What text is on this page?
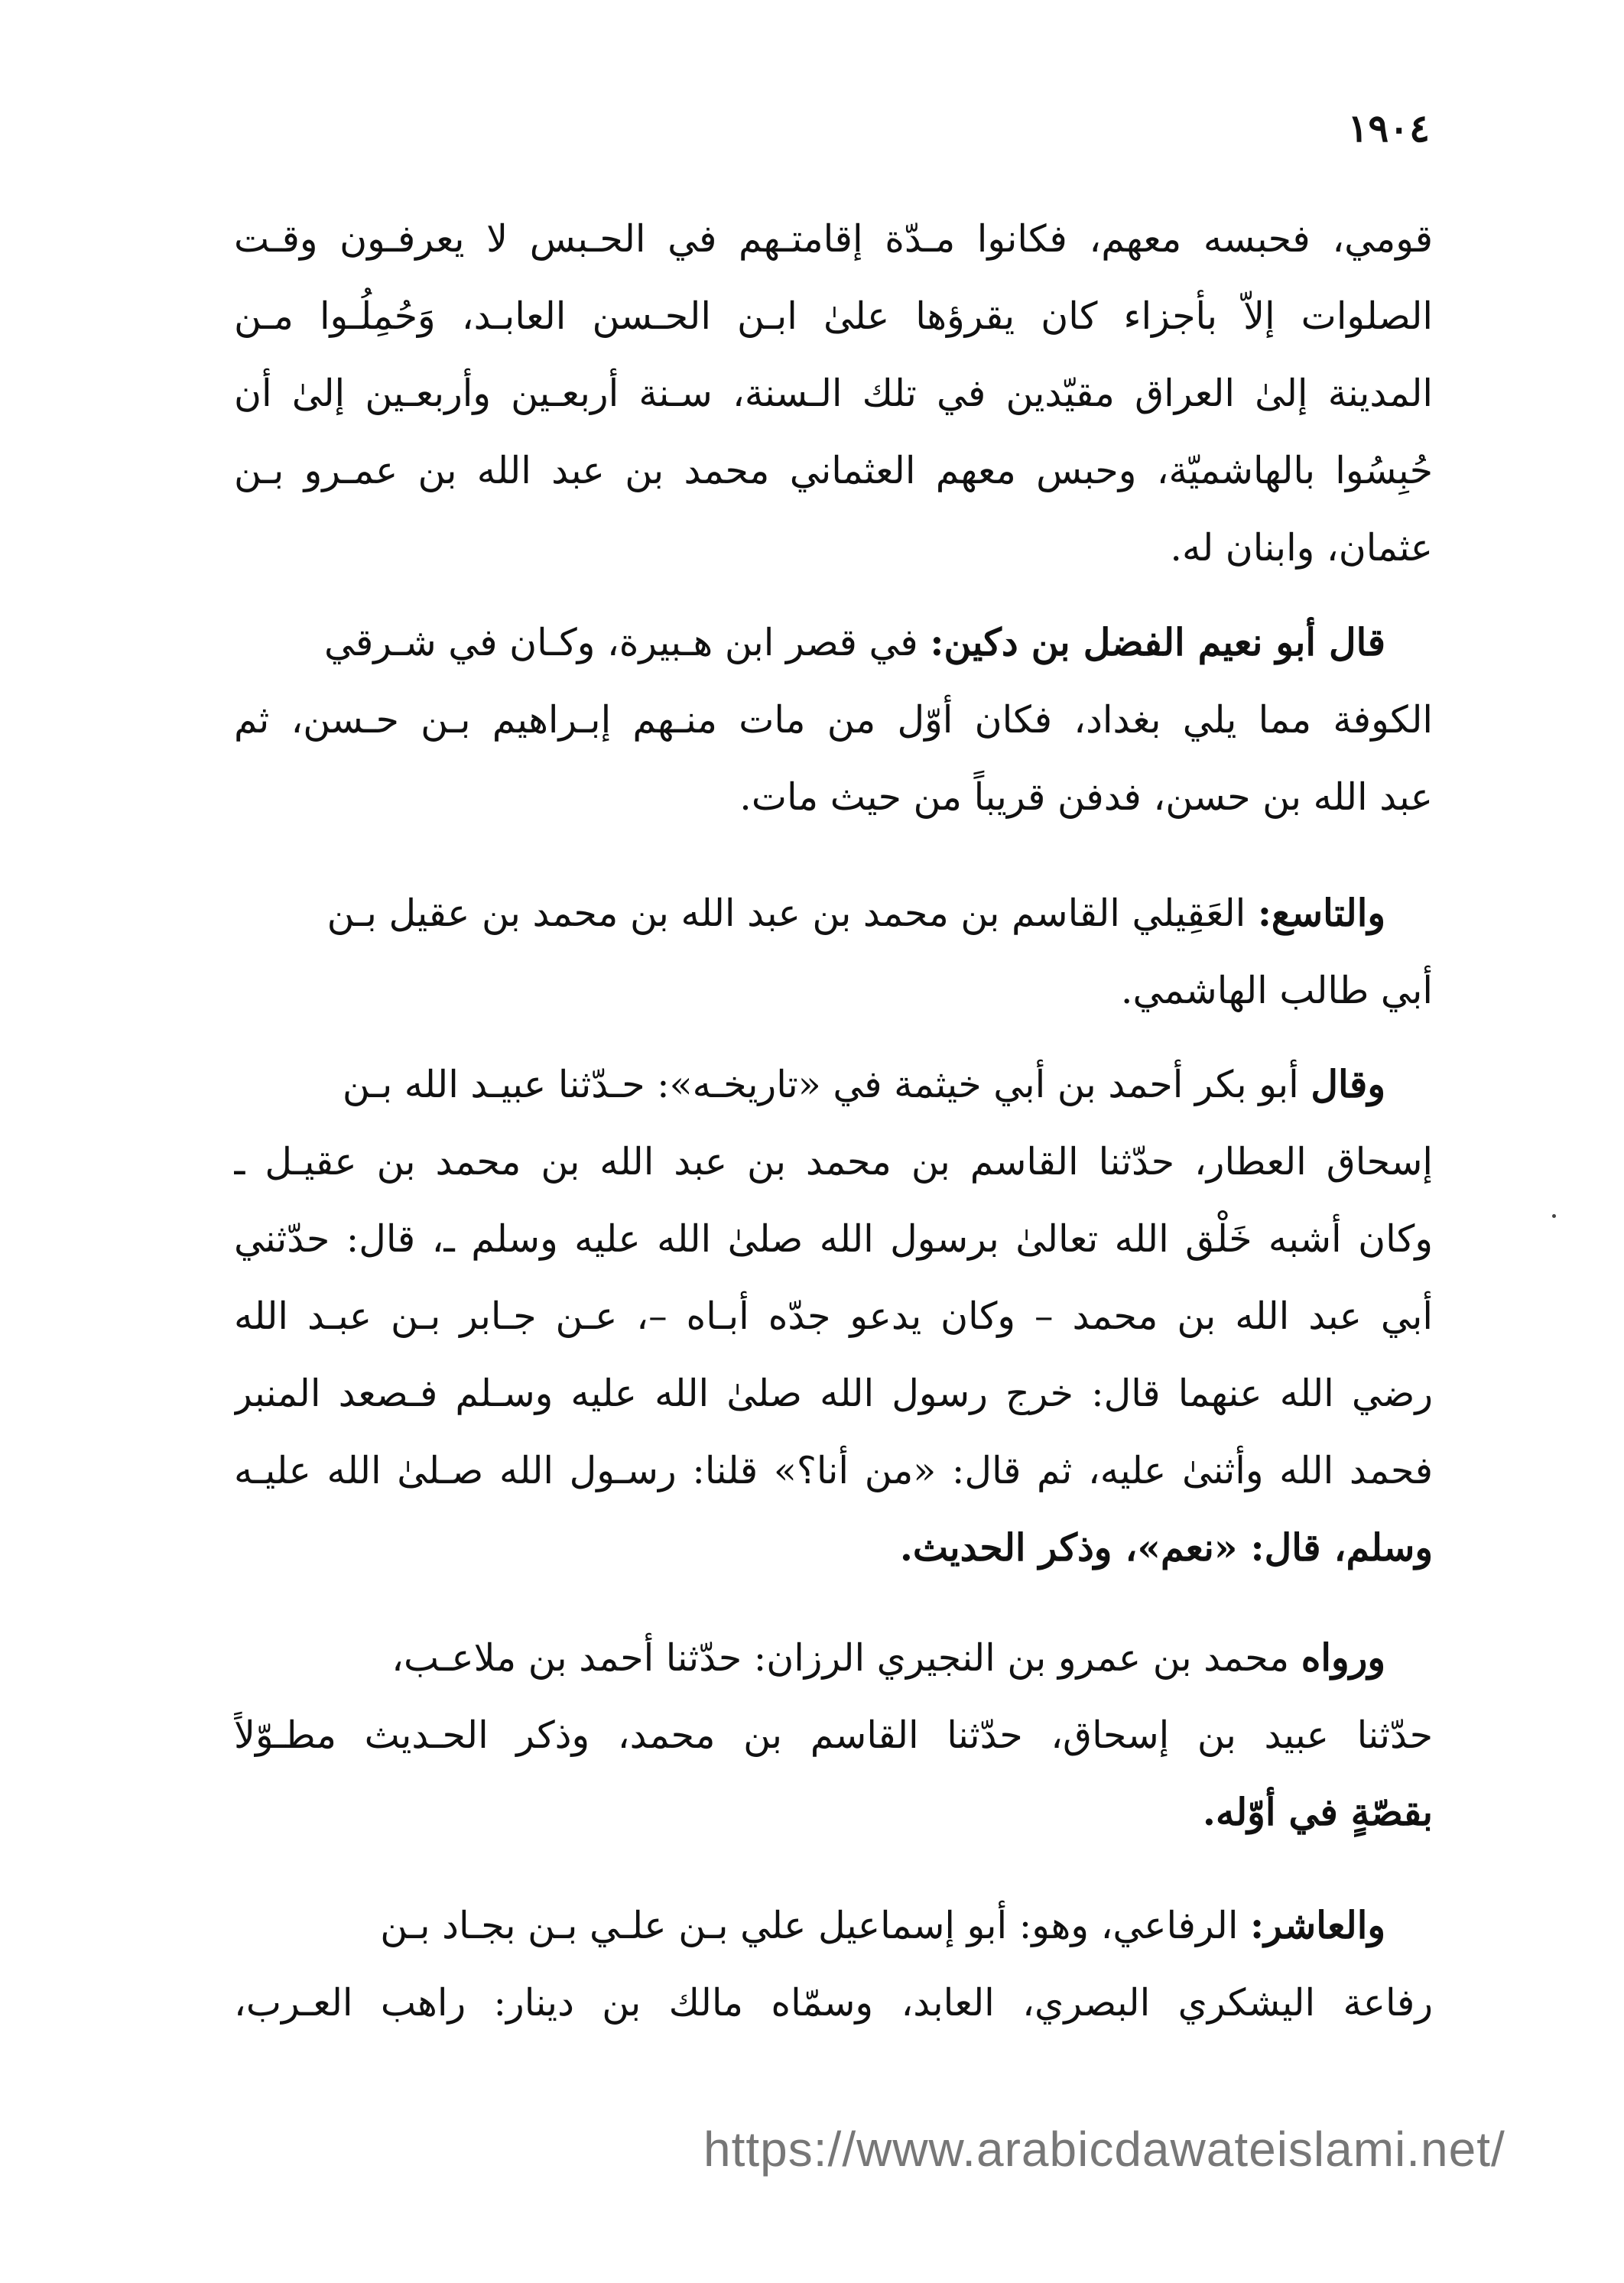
١٩٠٤
قومي، فحبسه معهم، فكانوا مـدّة إقامتـهم في الحـبس لا يعرفـون وقـت
الصلوات إلاّ بأجزاء كان يقرؤها علىٰ ابـن الحـسن العابـد، وَحُمِلُـوا مـن
المدينة إلىٰ العراق مقيّدين في تلك الـسنة، سـنة أربعـين وأربعـين إلىٰ أن
حُبِسُوا بالهاشميّة، وحبس معهم العثماني محمد بن عبد الله بن عمـرو بـن
عثمان، وابنان له.
قال أبو نعيم الفضل بن دكين: في قصر ابن هـبيرة، وكـان في شـرقي
الكوفة مما يلي بغداد، فكان أوّل من مات منـهم إبـراهيم بـن حـسن، ثم
عبد الله بن حسن، فدفن قريباً من حيث مات.
والتاسع: العَقِيلي القاسم بن محمد بن عبد الله بن محمد بن عقيل بـن
أبي طالب الهاشمي.
وقال أبو بكر أحمد بن أبي خيثمة في «تاريخـه»: حـدّثنا عبيـد الله بـن
إسحاق العطار، حدّثنا القاسم بن محمد بن عبد الله بن محمد بن عقيـل ـ
وكان أشبه خَلْق الله تعالىٰ برسول الله صلىٰ الله عليه وسلم ـ، قال: حدّثني
أبي عبد الله بن محمد – وكان يدعو جدّه أبـاه –، عـن جـابر بـن عبـد الله
رضي الله عنهما قال: خرج رسول الله صلىٰ الله عليه وسـلم فـصعد المنبر
فحمد الله وأثنىٰ عليه، ثم قال: «من أنا؟» قلنا: رسـول الله صـلىٰ الله عليـه
وسلم، قال: «نعم»، وذكر الحديث.
ورواه محمد بن عمرو بن النجيري الرزان: حدّثنا أحمد بن ملاعـب،
حدّثنا عبيد بن إسحاق، حدّثنا القاسم بن محمد، وذكر الحـديث مطـوّلاً
بقصّةٍ في أوّله.
والعاشر: الرفاعي، وهو: أبو إسماعيل علي بـن علـي بـن بجـاد بـن
رفاعة اليشكري البصري، العابد، وسمّاه مالك بن دينار: راهب العـرب،
https://www.arabicdawateislami.net/
